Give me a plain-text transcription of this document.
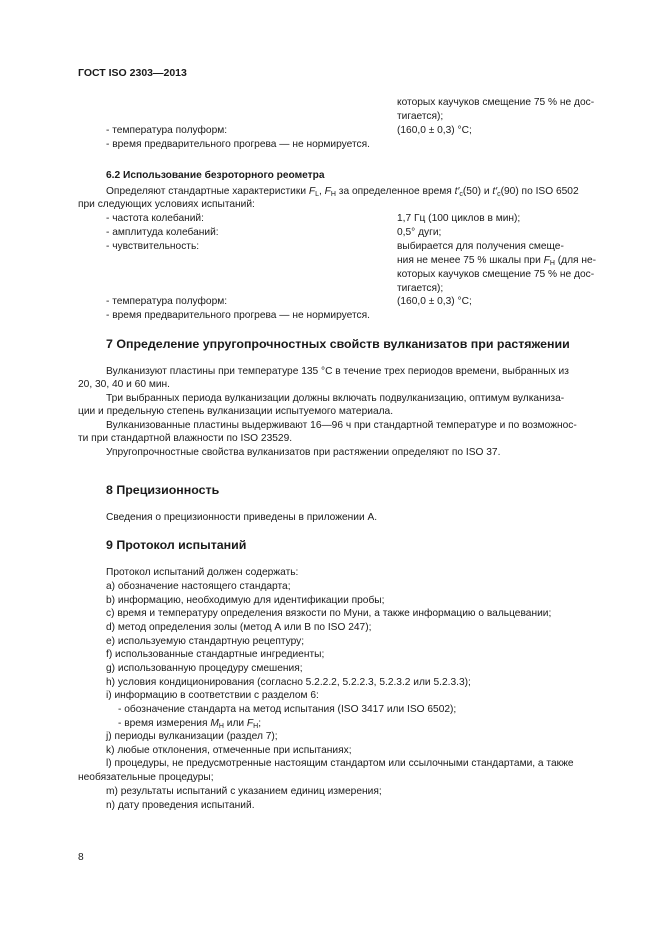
ГОСТ ISO 2303—2013
которых каучуков смещение 75 % не дос-
тигается);
- температура полуформ:	(160,0 ± 0,3) °С;
- время предварительного прогрева — не нормируется.
6.2 Использование безроторного реометра
Определяют стандартные характеристики $F_L$, $F_H$ за определенное время $t'_c(50)$ и $t'_c(90)$ по ISO 6502
при следующих условиях испытаний:
- частота колебаний:	1,7 Гц (100 циклов в мин);
- амплитуда колебаний:	0,5° дуги;
- чувствительность:	выбирается для получения смеще-
ния не менее 75 % шкалы при $F_H$ (для не-
которых каучуков смещение 75 % не дос-
тигается);
- температура полуформ:	(160,0 ± 0,3) °С;
- время предварительного прогрева — не нормируется.
7 Определение упругопрочностных свойств вулканизатов при растяжении
Вулканизуют пластины при температуре 135 °С в течение трех периодов времени, выбранных из
20, 30, 40 и 60 мин.
Три выбранных периода вулканизации должны включать подвулканизацию, оптимум вулканиза-
ции и предельную степень вулканизации испытуемого материала.
Вулканизованные пластины выдерживают 16—96 ч при стандартной температуре и по возможнос-
ти при стандартной влажности по ISO 23529.
Упругопрочностные свойства вулканизатов при растяжении определяют по ISO 37.
8 Прецизионность
Сведения о прецизионности приведены в приложении А.
9 Протокол испытаний
Протокол испытаний должен содержать:
a) обозначение настоящего стандарта;
b) информацию, необходимую для идентификации пробы;
c) время и температуру определения вязкости по Муни, а также информацию о вальцевании;
d) метод определения золы (метод А или В по ISO 247);
e) используемую стандартную рецептуру;
f) использованные стандартные ингредиенты;
g) использованную процедуру смешения;
h) условия кондиционирования (согласно 5.2.2.2, 5.2.2.3, 5.2.3.2 или 5.2.3.3);
i) информацию в соответствии с разделом 6:
- обозначение стандарта на метод испытания (ISO 3417 или ISO 6502);
- время измерения $M_H$ или $F_H$;
j) периоды вулканизации (раздел 7);
k) любые отклонения, отмеченные при испытаниях;
l) процедуры, не предусмотренные настоящим стандартом или ссылочными стандартами, а также
необязательные процедуры;
m) результаты испытаний с указанием единиц измерения;
n) дату проведения испытаний.
8
